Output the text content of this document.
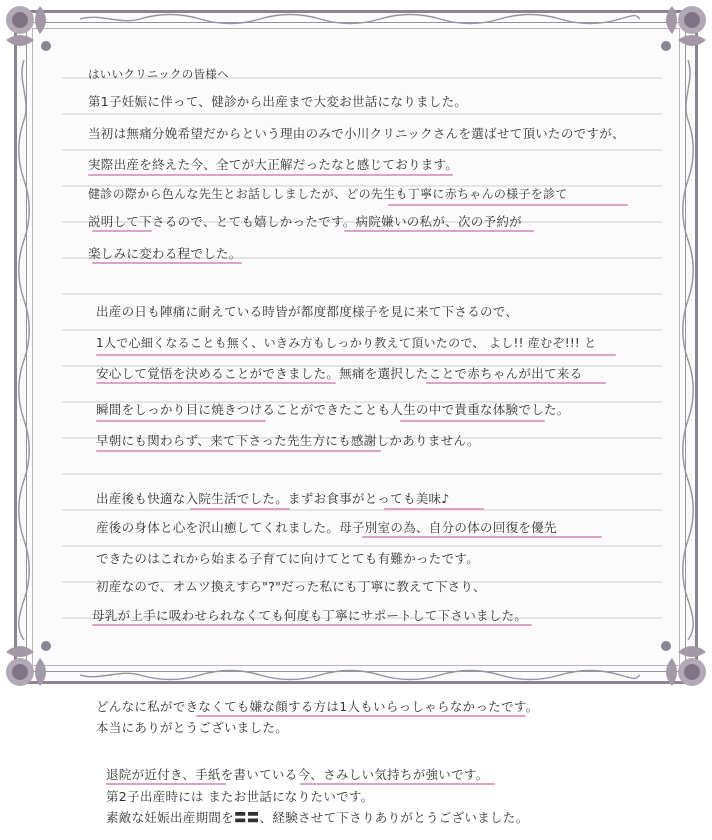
はいいクリニックの皆様へ
第1子妊娠に伴って、健診から出産まで大変お世話になりました。
当初は無痛分娩希望だからという理由のみで小川クリニックさんを選ばせて頂いたのですが、
実際出産を終えた今、全てが大正解だったなと感じております。
健診の際から色んな先生とお話ししましたが、どの先生も丁寧に赤ちゃんの様子を診て
説明して下さるので、とても嬉しかったです。病院嫌いの私が、次の予約が
楽しみに変わる程でした。
出産の日も陣痛に耐えている時皆が都度都度様子を見に来て下さるので、
1人で心細くなることも無く、いきみ方もしっかり教えて頂いたので、 よし!! 産むぞ!!! と
安心して覚悟を決めることができました。無痛を選択したことで赤ちゃんが出て来る
瞬間をしっかり目に焼きつけることができたことも人生の中で貴重な体験でした。
早朝にも関わらず、来て下さった先生方にも感謝しかありません。
出産後も快適な入院生活でした。まずお食事がとっても美味♪
産後の身体と心を沢山癒してくれました。母子別室の為、自分の体の回復を優先
できたのはこれから始まる子育てに向けてとても有難かったです。
初産なので、オムツ換えすら"?"だった私にも丁寧に教えて下さり、
母乳が上手に吸わせられなくても何度も丁寧にサポートして下さいました。
どんなに私ができなくても嫌な顔する方は1人もいらっしゃらなかったです。
本当にありがとうございました。
退院が近付き、手紙を書いている今、さみしい気持ちが強いです。
第2子出産時には またお世話になりたいです。
素敵な妊娠出産期間を〓〓、経験させて下さりありがとうございました。
